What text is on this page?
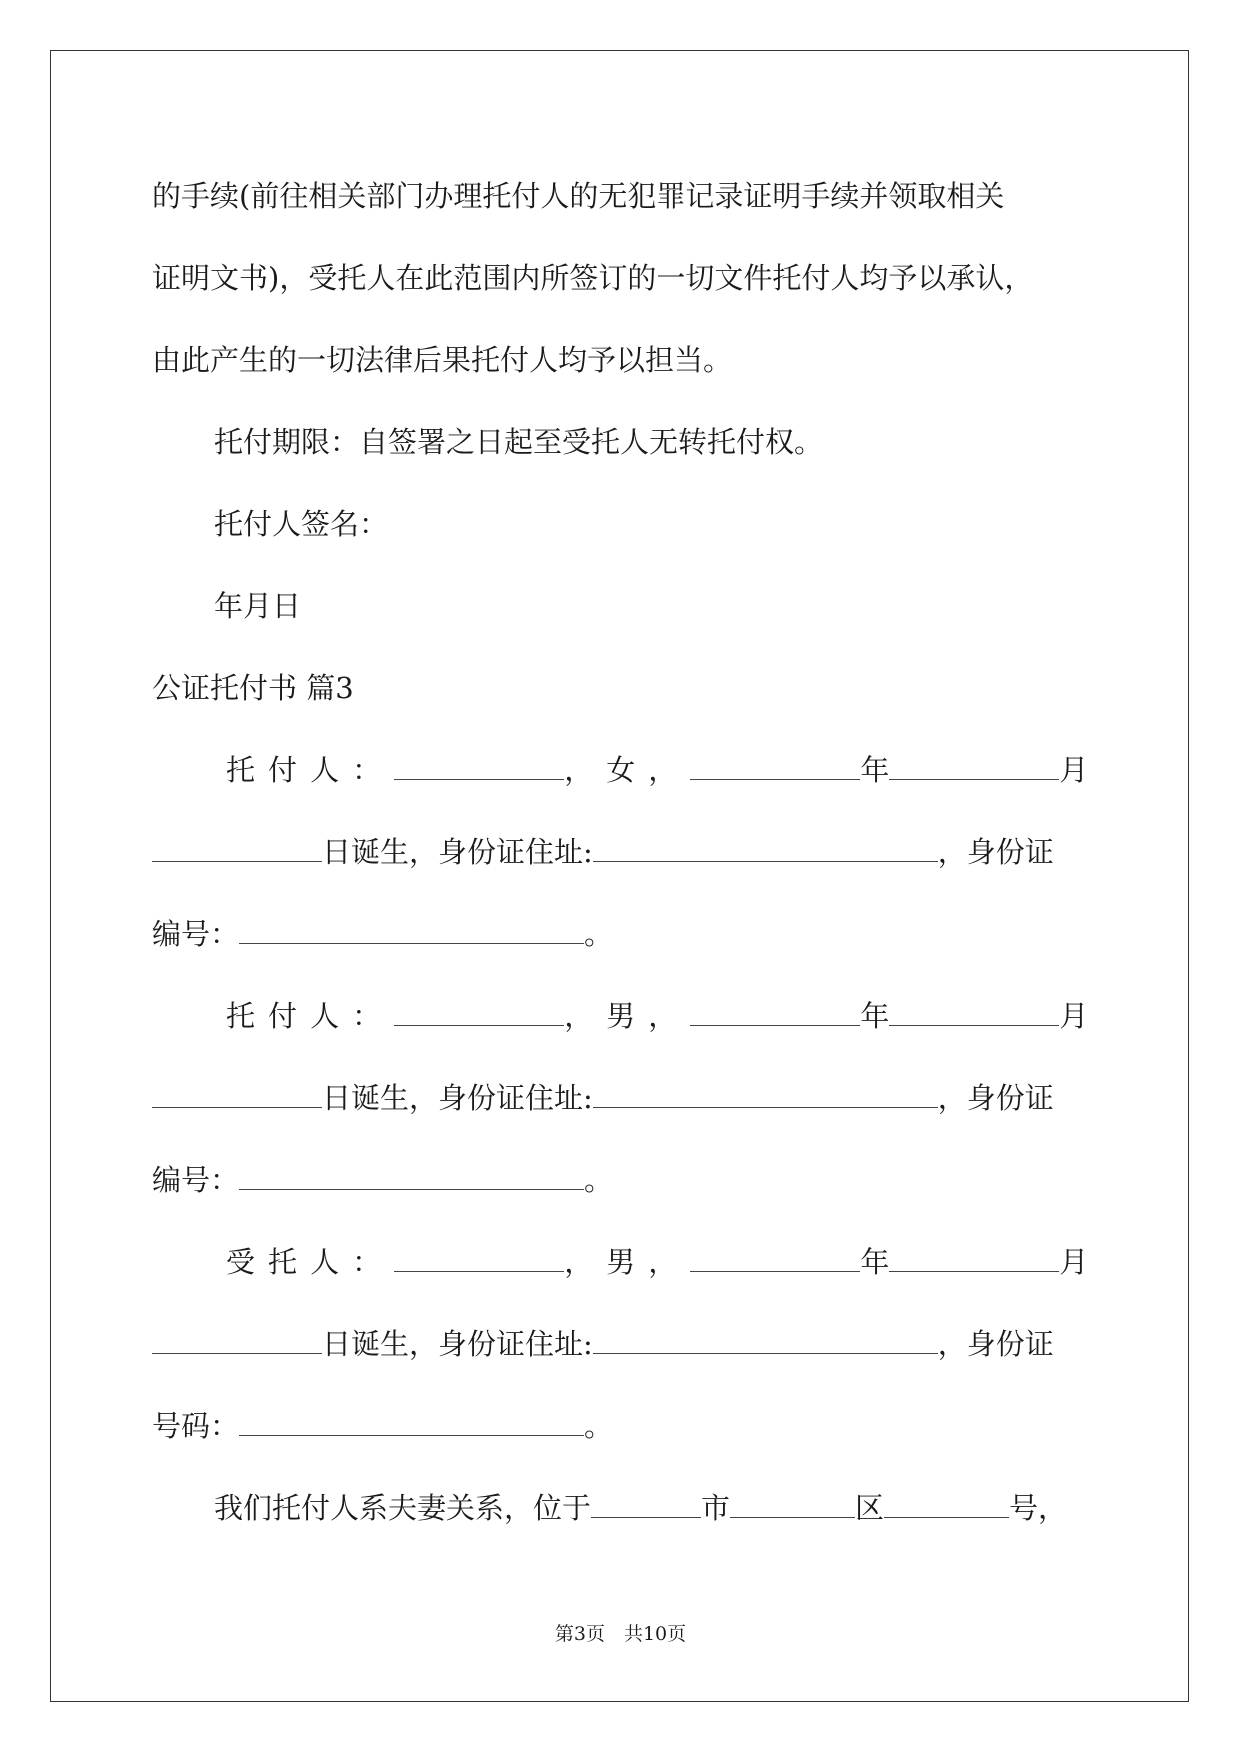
的手续(前往相关部门办理托付人的无犯罪记录证明手续并领取相关
证明文书)，受托人在此范围内所签订的一切文件托付人均予以承认，
由此产生的一切法律后果托付人均予以担当。
托付期限：自签署之日起至受托人无转托付权。
托付人签名：
年月日
公证托付书 篇3
托付人：	，女，	年	月
日诞生，身份证住址:	，身份证
编号：	。
托付人：	，男，	年	月
日诞生，身份证住址:	，身份证
编号：	。
受托人：	，男，	年	月
日诞生，身份证住址:	，身份证
号码：	。
我们托付人系夫妻关系，位于	市	区	号，
第3页　共10页
